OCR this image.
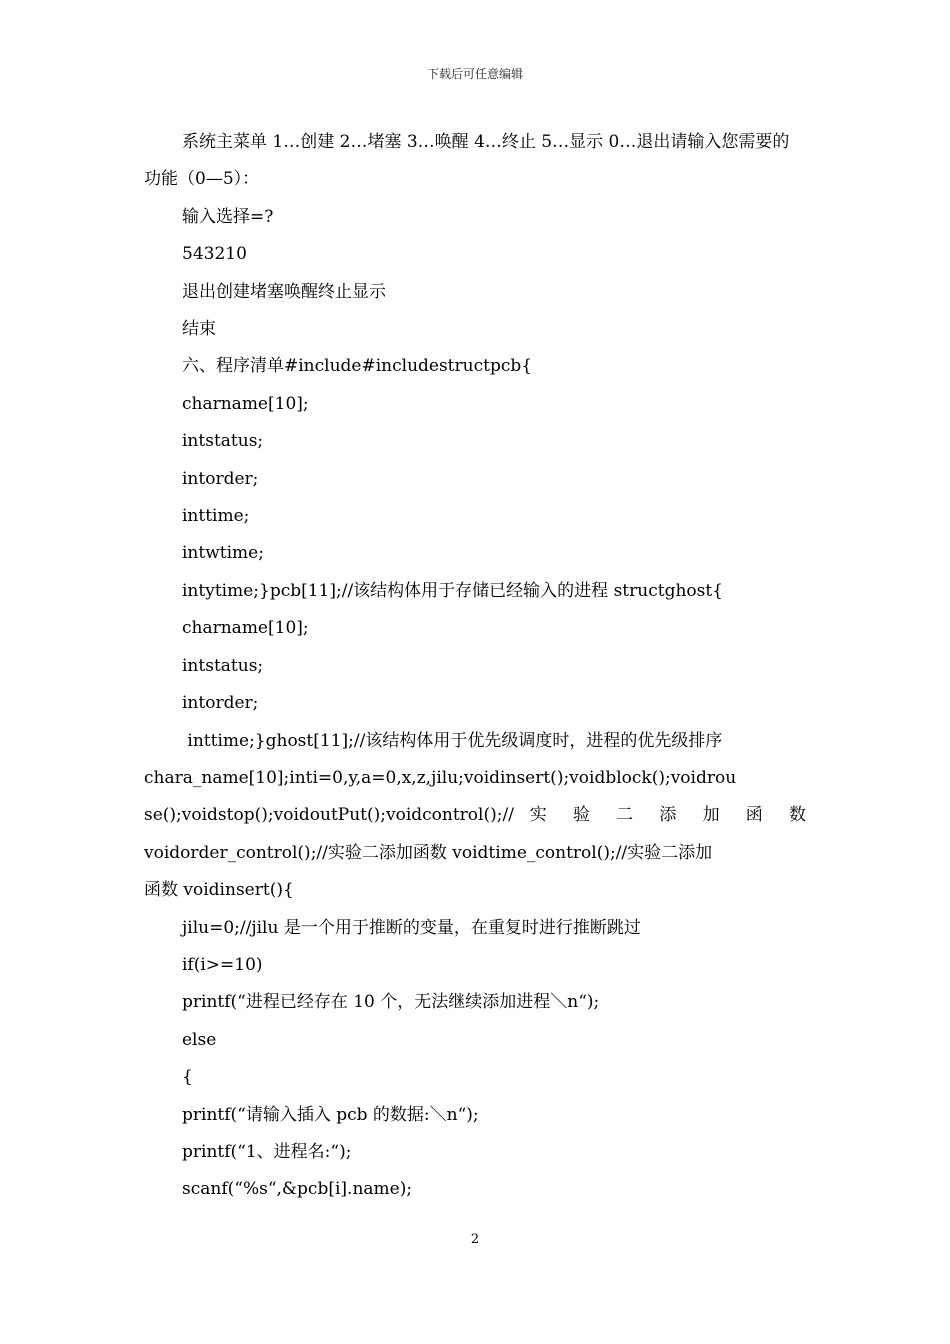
下载后可任意编辑

系统主菜单 1…创建 2…堵塞 3…唤醒 4…终止 5…显示 0…退出请输入您需要的功能（0—5）：

输入选择=?

543210

退出创建堵塞唤醒终止显示

结束

六、程序清单#include#includestructpcb{

charname[10];

intstatus;

intorder;

inttime;

intwtime;

intytime;}pcb[11];//该结构体用于存储已经输入的进程 structghost{

charname[10];

intstatus;

intorder;

inttime;}ghost[11];//该结构体用于优先级调度时，进程的优先级排序

chara_name[10];inti=0,y,a=0,x,z,jilu;voidinsert();voidblock();voidrou

se();voidstop();voidoutPut();voidcontrol();// 实 验 二 添 加 函 数

voidorder_control();//实验二添加函数 voidtime_control();//实验二添加

函数 voidinsert(){

jilu=0;//jilu 是一个用于推断的变量，在重复时进行推断跳过

if(i>=10)

printf(“进程已经存在 10 个，无法继续添加进程＼n“);

else

{

printf(“请输入插入 pcb 的数据:＼n“);

printf(“1、进程名:“);

scanf(“%s“,&pcb[i].name);

2
